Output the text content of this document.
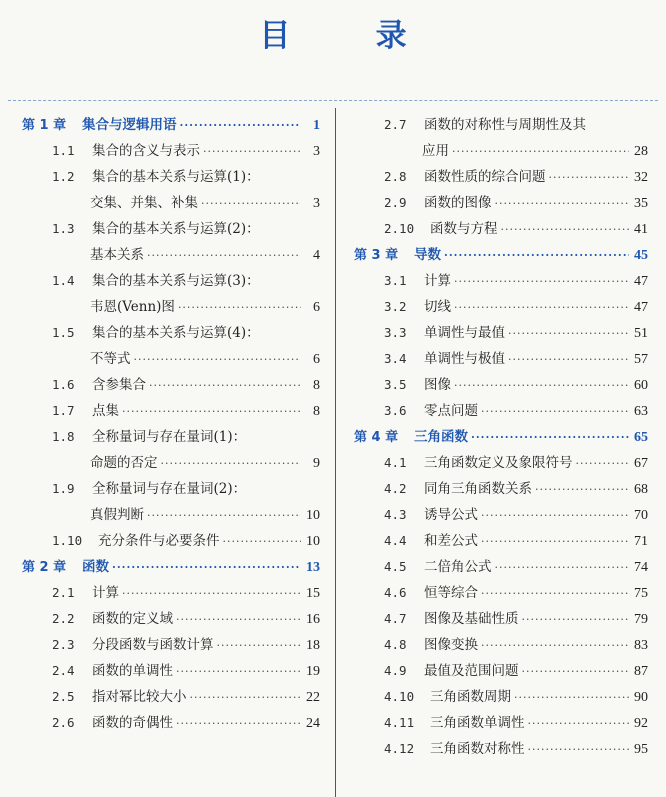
目 录
第 1 章	集合与逻辑用语 ·····	1
1.1	集合的含义与表示 ·····	3
1.2	集合的基本关系与运算(1)：
交集、并集、补集 ·····	3
1.3	集合的基本关系与运算(2)：
基本关系 ·····	4
1.4	集合的基本关系与运算(3)：
韦恩(Venn)图 ·····	6
1.5	集合的基本关系与运算(4)：
不等式 ·····	6
1.6	含参集合 ·····	8
1.7	点集 ·····	8
1.8	全称量词与存在量词(1)：
命题的否定 ·····	9
1.9	全称量词与存在量词(2)：
真假判断 ·····	10
1.10	充分条件与必要条件 ·····	10
第 2 章	函数 ·····	13
2.1	计算 ·····	15
2.2	函数的定义域 ·····	16
2.3	分段函数与函数计算 ·····	18
2.4	函数的单调性 ·····	19
2.5	指对幂比较大小 ·····	22
2.6	函数的奇偶性 ·····	24
2.7	函数的对称性与周期性及其
应用 ·····	28
2.8	函数性质的综合问题 ·····	32
2.9	函数的图像 ·····	35
2.10	函数与方程 ·····	41
第 3 章	导数 ·····	45
3.1	计算 ·····	47
3.2	切线 ·····	47
3.3	单调性与最值 ·····	51
3.4	单调性与极值 ·····	57
3.5	图像 ·····	60
3.6	零点问题 ·····	63
第 4 章	三角函数 ·····	65
4.1	三角函数定义及象限符号 ·····	67
4.2	同角三角函数关系 ·····	68
4.3	诱导公式 ·····	70
4.4	和差公式 ·····	71
4.5	二倍角公式 ·····	74
4.6	恒等综合 ·····	75
4.7	图像及基础性质 ·····	79
4.8	图像变换 ·····	83
4.9	最值及范围问题 ·····	87
4.10	三角函数周期 ·····	90
4.11	三角函数单调性 ·····	92
4.12	三角函数对称性 ·····	95
